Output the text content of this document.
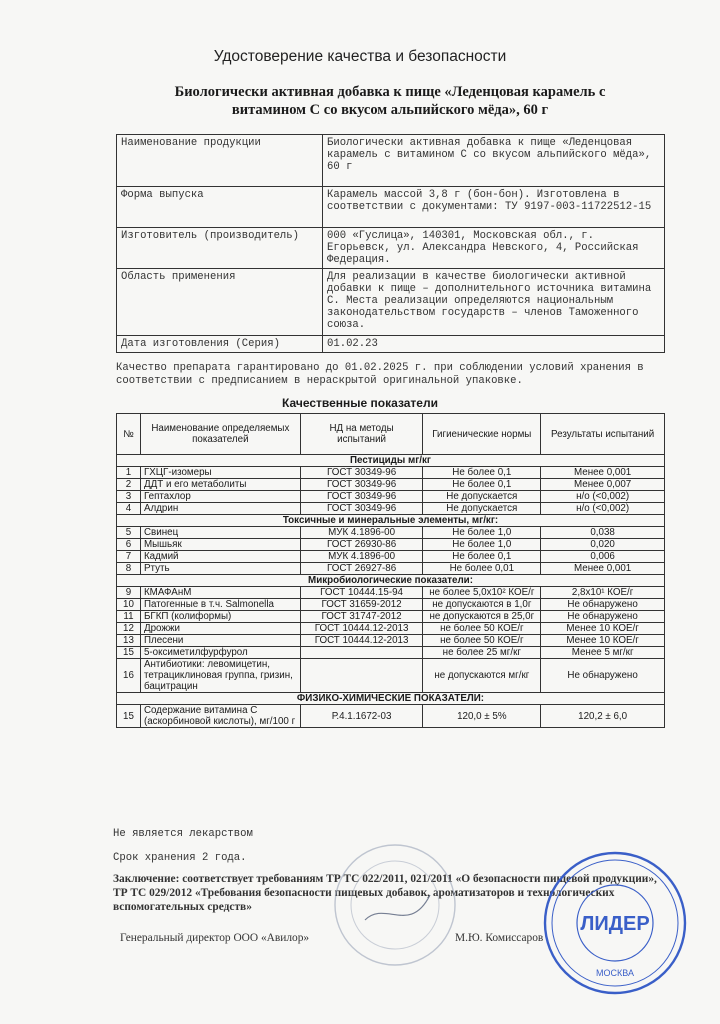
Удостоверение качества и безопасности
Биологически активная добавка к пище «Леденцовая карамель с витамином С со вкусом альпийского мёда», 60 г
Наименование продукции	Биологически активная добавка к пище «Леденцовая карамель с витамином С со вкусом альпийского мёда», 60 г
Форма выпуска	Карамель массой 3,8 г (бон-бон). Изготовлена в соответствии с документами: ТУ 9197-003-11722512-15
Изготовитель (производитель)	000 «Гуслица», 140301, Московская обл., г. Егорьевск, ул. Александра Невского, 4, Российская Федерация.
Область применения	Для реализации в качестве биологически активной добавки к пище – дополнительного источника витамина С. Места реализации определяются национальным законодательством государств – членов Таможенного союза.
Дата изготовления (Серия)	01.02.23
Качество препарата гарантировано до 01.02.2025 г. при соблюдении условий хранения в соответствии с предписанием в нераскрытой оригинальной упаковке.
Качественные показатели
№	Наименование определяемых показателей	НД на методы испытаний	Гигиенические нормы	Результаты испытаний
Пестициды мг/кг				
1	ГХЦГ-изомеры	ГОСТ 30349-96	Не более 0,1	Менее 0,001
2	ДДТ и его метаболиты	ГОСТ 30349-96	Не более 0,1	Менее 0,007
3	Гептахлор	ГОСТ 30349-96	Не допускается	н/о (<0,002)
4	Алдрин	ГОСТ 30349-96	Не допускается	н/о (<0,002)
Токсичные и минеральные элементы, мг/кг:				
5	Свинец	МУК 4.1896-00	Не более 1,0	0,038
6	Мышьяк	ГОСТ 26930-86	Не более 1,0	0,020
7	Кадмий	МУК 4.1896-00	Не более 0,1	0,006
8	Ртуть	ГОСТ 26927-86	Не более 0,01	Менее 0,001
Микробиологические показатели:				
9	КМАФАнМ	ГОСТ 10444.15-94	не более 5,0х10² КОЕ/г	2,8х10¹ КОЕ/г
10	Патогенные в т.ч. Salmonella	ГОСТ 31659-2012	не допускаются в 1,0г	Не обнаружено
11	БГКП (колиформы)	ГОСТ 31747-2012	не допускаются в 25,0г	Не обнаружено
12	Дрожжи	ГОСТ 10444.12-2013	не более 50 КОЕ/г	Менее 10 КОЕ/г
13	Плесени	ГОСТ 10444.12-2013	не более 50 КОЕ/г	Менее 10 КОЕ/г
15	5-оксиметилфурфурол		не более 25 мг/кг	Менее 5 мг/кг
16	Антибиотики: левомицетин, тетрациклиновая группа, гризин, бацитрацин		не допускаются мг/кг	Не обнаружено
ФИЗИКО-ХИМИЧЕСКИЕ ПОКАЗАТЕЛИ:				
15	Содержание витамина С (аскорбиновой кислоты), мг/100 г	Р.4.1.1672-03	120,0 ± 5%	120,2 ± 6,0
Не является лекарством
Срок хранения 2 года.
Заключение: соответствует требованиям ТР ТС 022/2011, 021/2011 «О безопасности пищевой продукции», ТР ТС 029/2012 «Требования безопасности пищевых добавок, ароматизаторов и технологических вспомогательных средств»
Генеральный директор ООО «Авилор»	М.Ю. Комиссаров
ЛИДЕР
МОСКВА
